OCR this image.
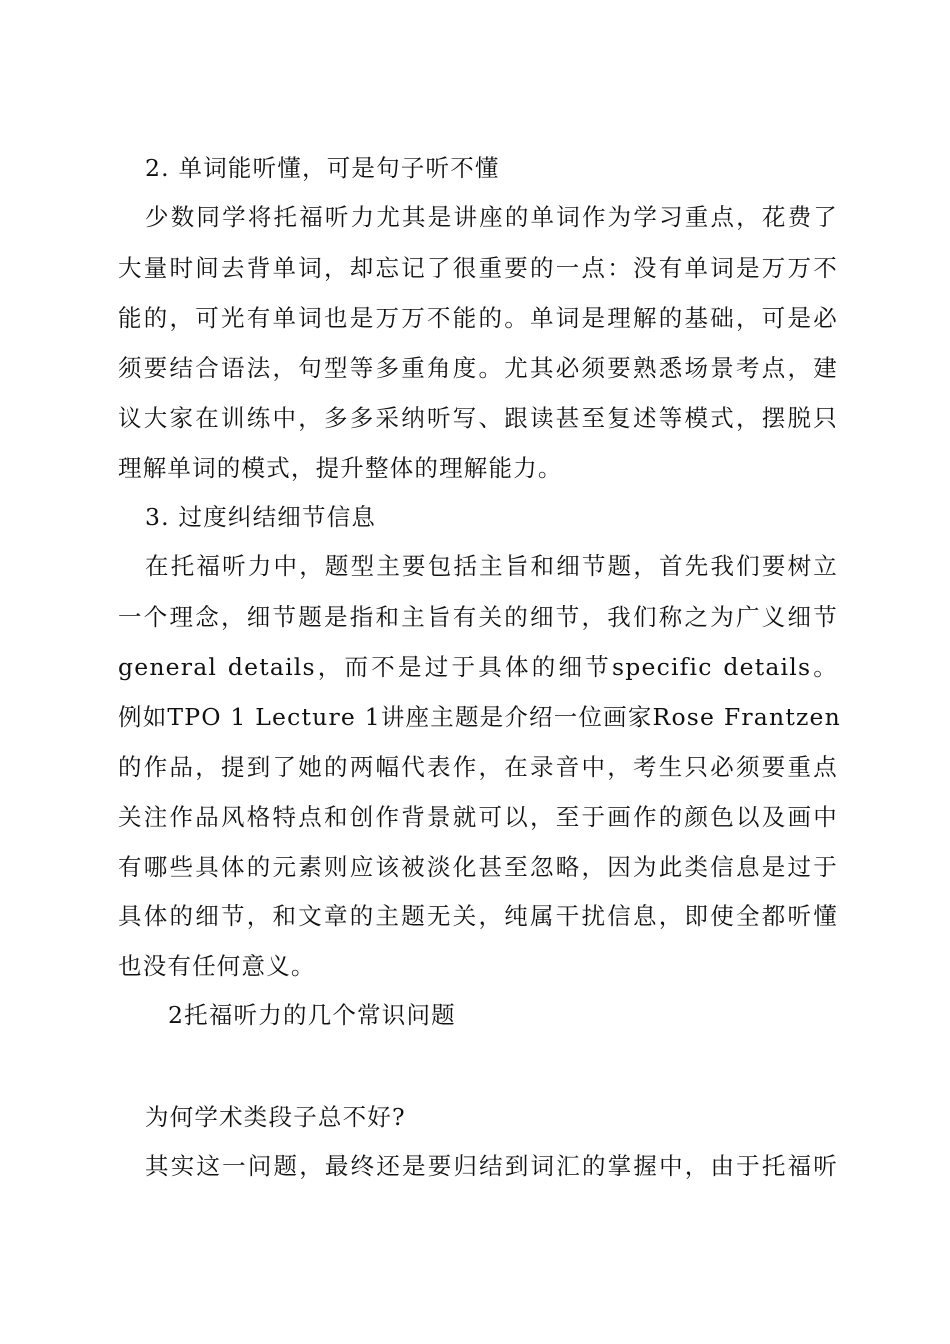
2. 单词能听懂，可是句子听不懂
少数同学将托福听力尤其是讲座的单词作为学习重点，花费了
大量时间去背单词，却忘记了很重要的一点：没有单词是万万不
能的，可光有单词也是万万不能的。单词是理解的基础，可是必
须要结合语法，句型等多重角度。尤其必须要熟悉场景考点，建
议大家在训练中，多多采纳听写、跟读甚至复述等模式，摆脱只
理解单词的模式，提升整体的理解能力。
3. 过度纠结细节信息
在托福听力中，题型主要包括主旨和细节题，首先我们要树立
一个理念，细节题是指和主旨有关的细节，我们称之为广义细节
general details，而不是过于具体的细节specific details。
例如TPO 1 Lecture 1讲座主题是介绍一位画家Rose Frantzen
的作品，提到了她的两幅代表作，在录音中，考生只必须要重点
关注作品风格特点和创作背景就可以，至于画作的颜色以及画中
有哪些具体的元素则应该被淡化甚至忽略，因为此类信息是过于
具体的细节，和文章的主题无关，纯属干扰信息，即使全都听懂
也没有任何意义。
2托福听力的几个常识问题
为何学术类段子总不好?
其实这一问题，最终还是要归结到词汇的掌握中，由于托福听
